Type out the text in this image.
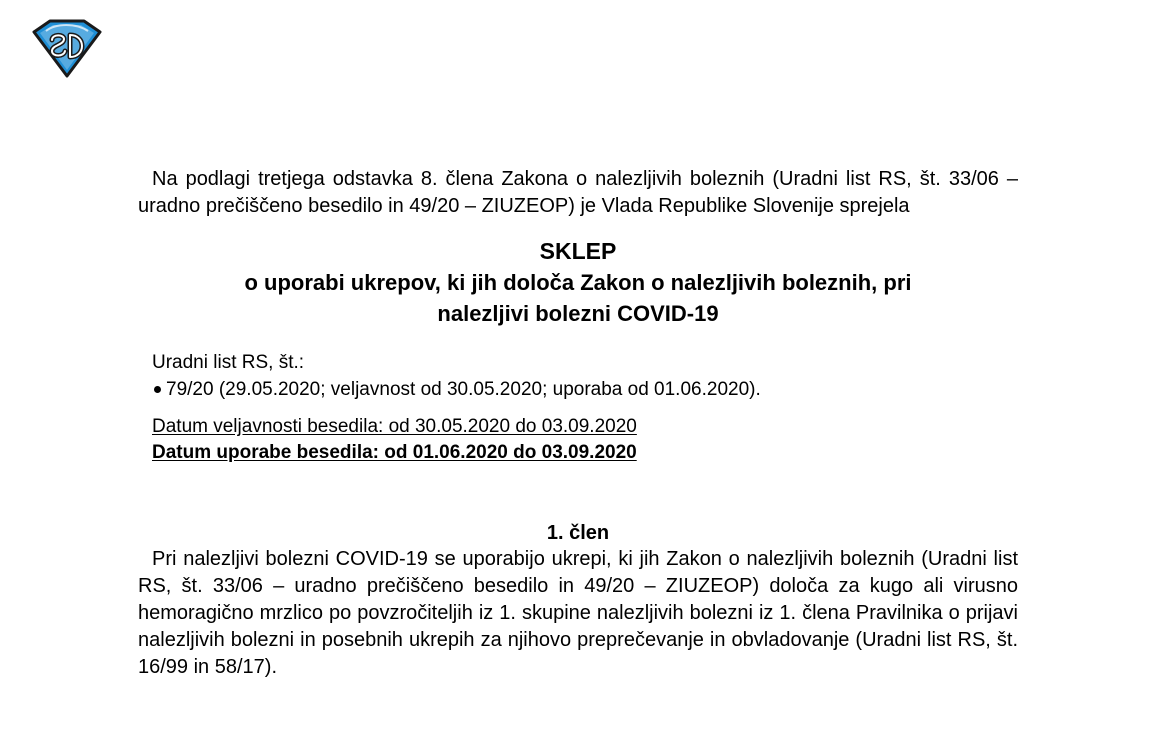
Na podlagi tretjega odstavka 8. člena Zakona o nalezljivih boleznih (Uradni list RS, št. 33/06 – uradno prečiščeno besedilo in 49/20 – ZIUZEOP) je Vlada Republike Slovenije sprejela

SKLEP
o uporabi ukrepov, ki jih določa Zakon o nalezljivih boleznih, pri
nalezljivi bolezni COVID-19
Uradni list RS, št.:
79/20 (29.05.2020; veljavnost od 30.05.2020; uporaba od 01.06.2020).
Datum veljavnosti besedila: od 30.05.2020 do 03.09.2020
Datum uporabe besedila: od 01.06.2020 do 03.09.2020
1. člen

Pri nalezljivi bolezni COVID-19 se uporabijo ukrepi, ki jih Zakon o nalezljivih boleznih (Uradni list RS, št. 33/06 – uradno prečiščeno besedilo in 49/20 – ZIUZEOP) določa za kugo ali virusno hemoragično mrzlico po povzročiteljih iz 1. skupine nalezljivih bolezni iz 1. člena Pravilnika o prijavi nalezljivih bolezni in posebnih ukrepih za njihovo preprečevanje in obvladovanje (Uradni list RS, št. 16/99 in 58/17).
